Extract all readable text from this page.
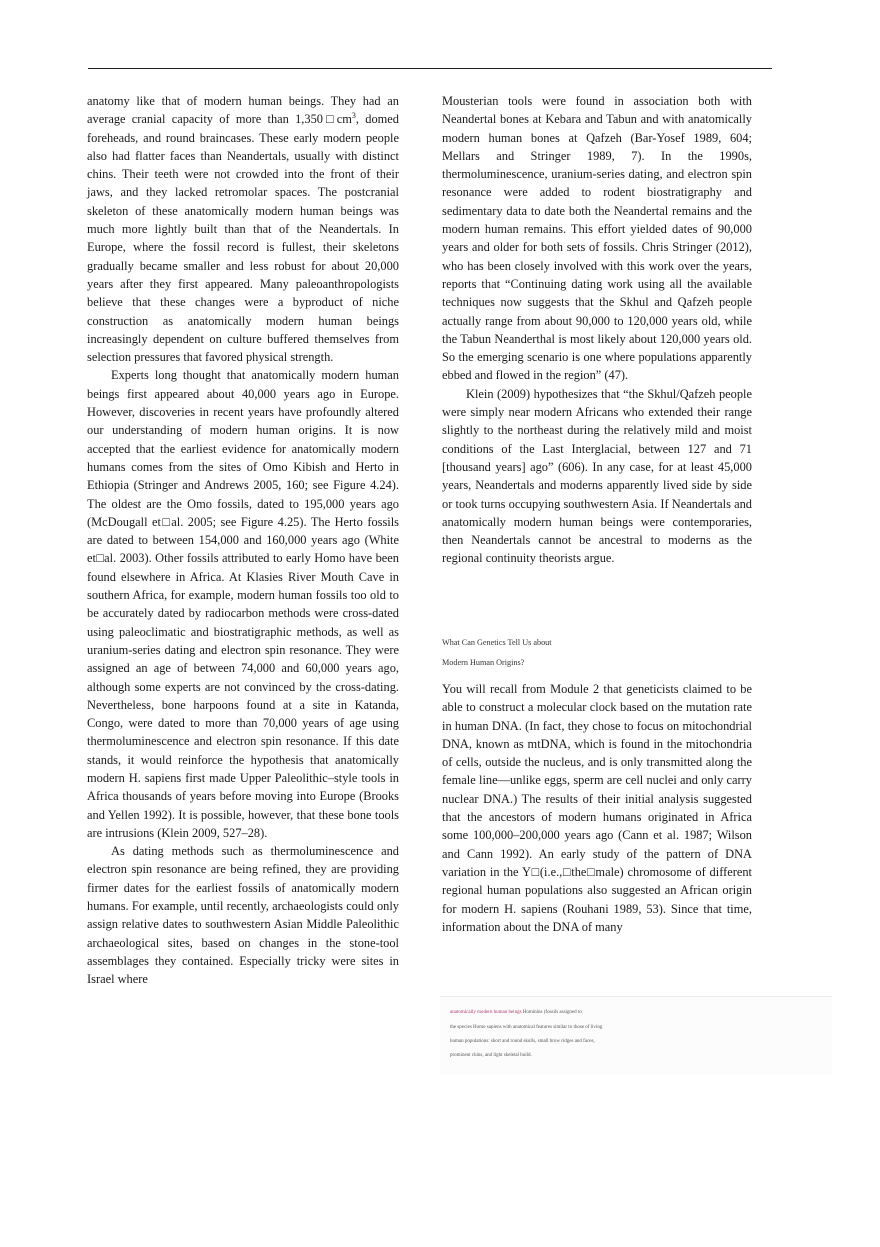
anatomy like that of modern human beings. They had an average cranial capacity of more than $1,350□cm^3$, domed foreheads, and round braincases. These early modern people also had flatter faces than Neandertals, usually with distinct chins. Their teeth were not crowded into the front of their jaws, and they lacked retromolar spaces. The postcranial skeleton of these anatomically modern human beings was much more lightly built than that of the Neandertals. In Europe, where the fossil record is fullest, their skeletons gradually became smaller and less robust for about 20,000 years after they first appeared. Many paleoanthropologists believe that these changes were a byproduct of niche construction as anatomically modern human beings increasingly dependent on culture buffered themselves from selection pressures that favored physical strength.

Experts long thought that anatomically modern human beings first appeared about 40,000 years ago in Europe. However, discoveries in recent years have profoundly altered our understanding of modern human origins. It is now accepted that the earliest evidence for anatomically modern humans comes from the sites of Omo Kibish and Herto in Ethiopia (Stringer and Andrews 2005, 160; see Figure 4.24). The oldest are the Omo fossils, dated to 195,000 years ago (McDougall et□al. 2005; see Figure 4.25). The Herto fossils are dated to between 154,000 and 160,000 years ago (White et□al. 2003). Other fossils attributed to early Homo have been found elsewhere in Africa. At Klasies River Mouth Cave in southern Africa, for example, modern human fossils too old to be accurately dated by radiocarbon methods were cross-dated using paleoclimatic and biostratigraphic methods, as well as uranium-series dating and electron spin resonance. They were assigned an age of between 74,000 and 60,000 years ago, although some experts are not convinced by the cross-dating. Nevertheless, bone harpoons found at a site in Katanda, Congo, were dated to more than 70,000 years of age using thermoluminescence and electron spin resonance. If this date stands, it would reinforce the hypothesis that anatomically modern H. sapiens first made Upper Paleolithic–style tools in Africa thousands of years before moving into Europe (Brooks and Yellen 1992). It is possible, however, that these bone tools are intrusions (Klein 2009, 527–28).

As dating methods such as thermoluminescence and electron spin resonance are being refined, they are providing firmer dates for the earliest fossils of anatomically modern humans. For example, until recently, archaeologists could only assign relative dates to southwestern Asian Middle Paleolithic archaeological sites, based on changes in the stone-tool assemblages they contained. Especially tricky were sites in Israel where

Mousterian tools were found in association both with Neandertal bones at Kebara and Tabun and with anatomically modern human bones at Qafzeh (Bar-Yosef 1989, 604; Mellars and Stringer 1989, 7). In the 1990s, thermoluminescence, uranium-series dating, and electron spin resonance were added to rodent biostratigraphy and sedimentary data to date both the Neandertal remains and the modern human remains. This effort yielded dates of 90,000 years and older for both sets of fossils. Chris Stringer (2012), who has been closely involved with this work over the years, reports that “Continuing dating work using all the available techniques now suggests that the Skhul and Qafzeh people actually range from about 90,000 to 120,000 years old, while the Tabun Neanderthal is most likely about 120,000 years old. So the emerging scenario is one where populations apparently ebbed and flowed in the region” (47).

Klein (2009) hypothesizes that “the Skhul/Qafzeh people were simply near modern Africans who extended their range slightly to the northeast during the relatively mild and moist conditions of the Last Interglacial, between 127 and 71 [thousand years] ago” (606). In any case, for at least 45,000 years, Neandertals and moderns apparently lived side by side or took turns occupying southwestern Asia. If Neandertals and anatomically modern human beings were contemporaries, then Neandertals cannot be ancestral to moderns as the regional continuity theorists argue.

What Can Genetics Tell Us about
Modern Human Origins?

You will recall from Module 2 that geneticists claimed to be able to construct a molecular clock based on the mutation rate in human DNA. (In fact, they chose to focus on mitochondrial DNA, known as mtDNA, which is found in the mitochondria of cells, outside the nucleus, and is only transmitted along the female line—unlike eggs, sperm are cell nuclei and only carry nuclear DNA.) The results of their initial analysis suggested that the ancestors of modern humans originated in Africa some 100,000–200,000 years ago (Cann et al. 1987; Wilson and Cann 1992). An early study of the pattern of DNA variation in the Y□(i.e.,□the□male) chromosome of different regional human populations also suggested an African origin for modern H. sapiens (Rouhani 1989, 53). Since that time, information about the DNA of many

anatomically modern human beings Hominins (fossils assigned to
the species Homo sapiens with anatomical features similar to those of living
human populations: short and round skulls, small brow ridges and faces,
prominent chins, and light skeletal build.
